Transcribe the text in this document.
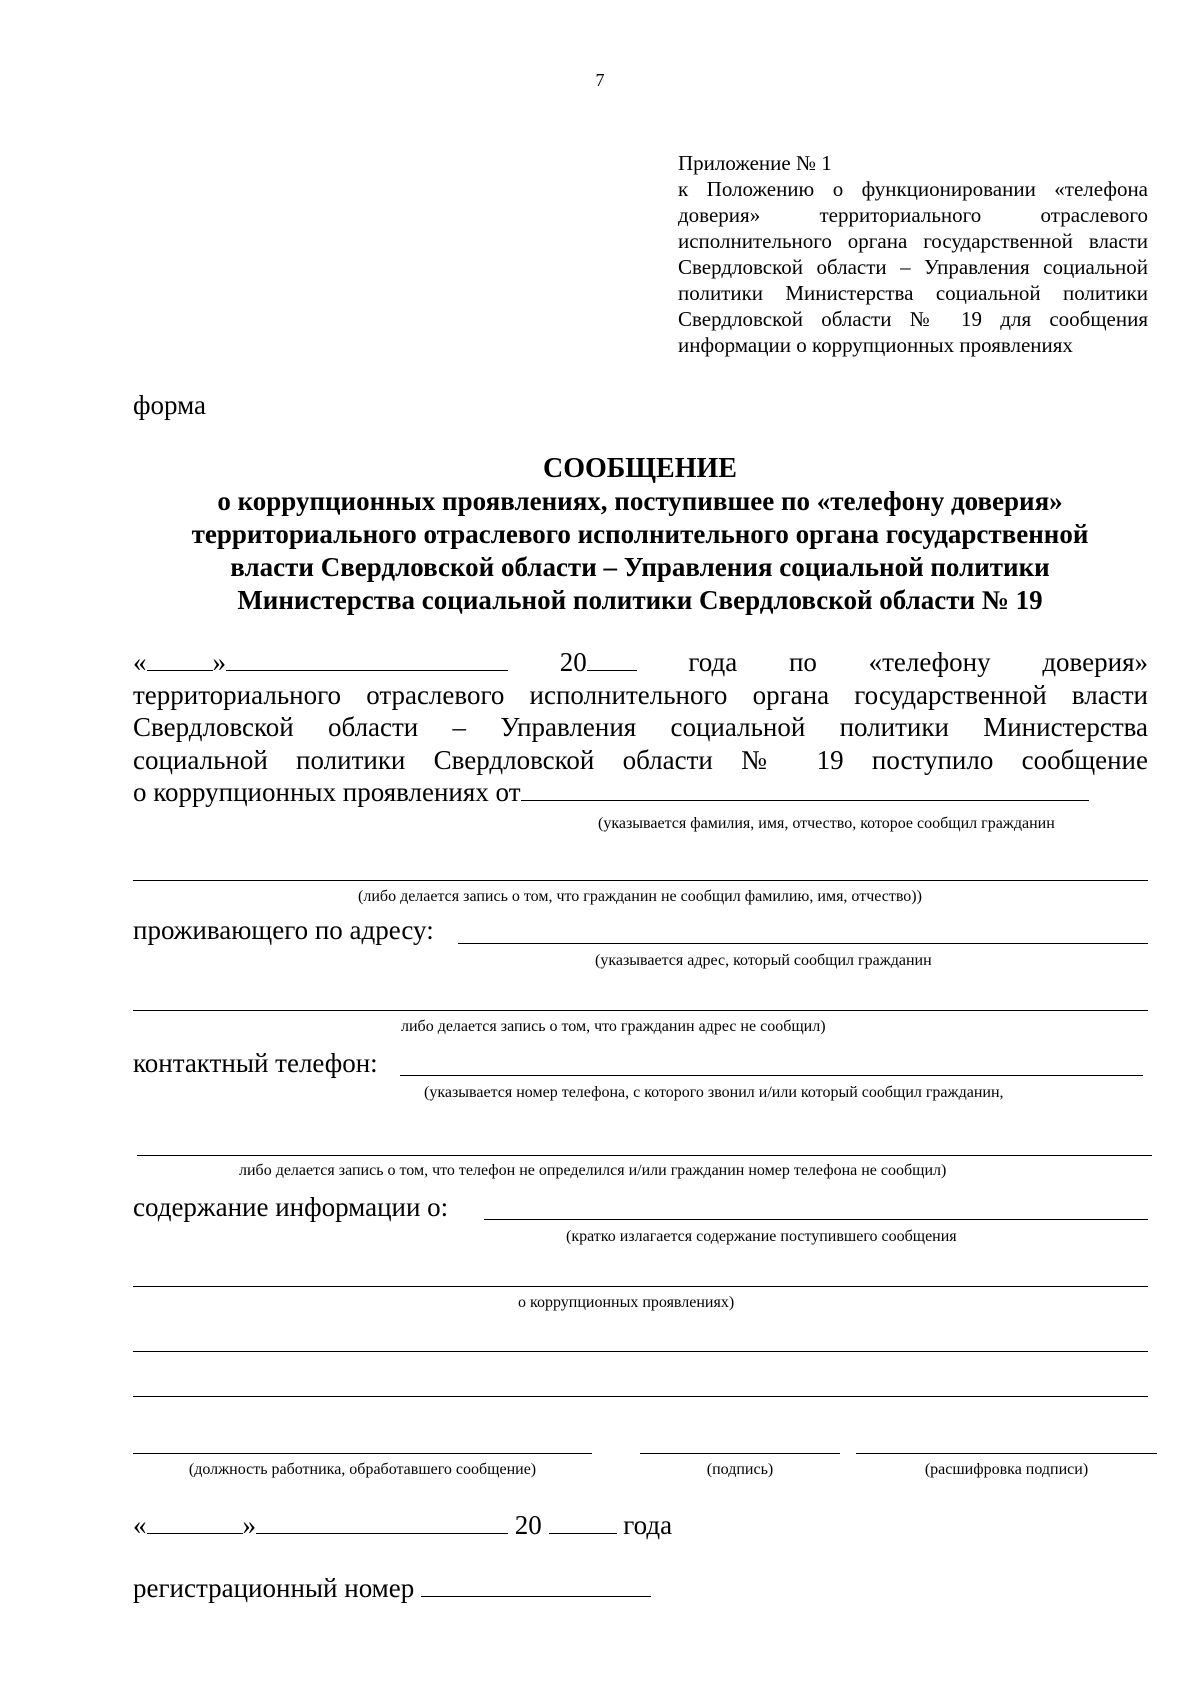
7
Приложение № 1
к Положению о функционировании «телефона
доверия» территориального отраслевого
исполнительного органа государственной власти
Свердловской области – Управления социальной
политики Министерства социальной политики
Свердловской области № 19 для сообщения
информации о коррупционных проявлениях
форма
СООБЩЕНИЕ
о коррупционных проявлениях, поступившее по «телефону доверия»
территориального отраслевого исполнительного органа государственной
власти Свердловской области – Управления социальной политики
Министерства социальной политики Свердловской области № 19
« »	20	года по «телефону доверия»
территориального отраслевого исполнительного органа государственной власти
Свердловской области – Управления социальной политики Министерства
социальной политики Свердловской области № 19 поступило сообщение
о коррупционных проявлениях от
(указывается фамилия, имя, отчество, которое сообщил гражданин
(либо делается запись о том, что гражданин не сообщил фамилию, имя, отчество))
проживающего по адресу:
(указывается адрес, который сообщил гражданин
либо делается запись о том, что гражданин адрес не сообщил)
контактный телефон:
(указывается номер телефона, с которого звонил и/или который сообщил гражданин,
либо делается запись о том, что телефон не определился и/или гражданин номер телефона не сообщил)
содержание информации о:
(кратко излагается содержание поступившего сообщения
о коррупционных проявлениях)
(должность работника, обработавшего сообщение)	(подпись)	(расшифровка подписи)
«	»	20	года
регистрационный номер
